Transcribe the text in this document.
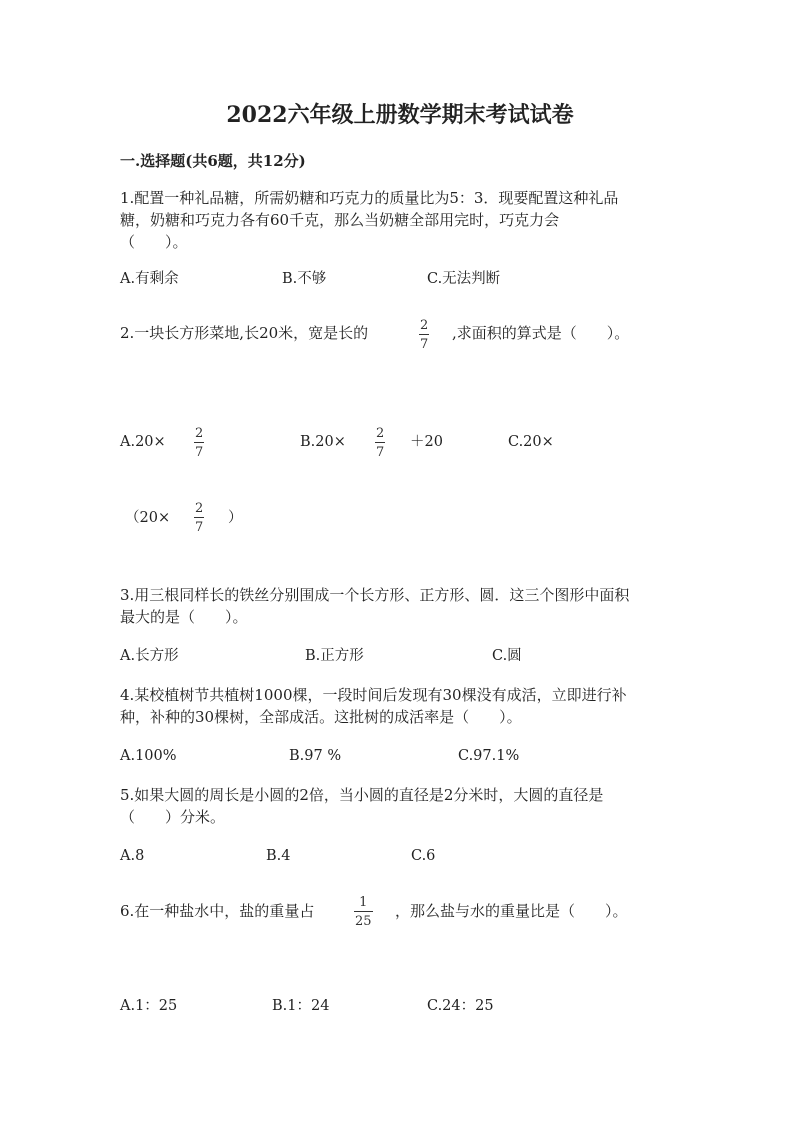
2022六年级上册数学期末考试试卷
一.选择题(共6题，共12分)
1.配置一种礼品糖，所需奶糖和巧克力的质量比为5：3．现要配置这种礼品
糖，奶糖和巧克力各有60千克，那么当奶糖全部用完时，巧克力会
（　　）。
A.有剩余	B.不够	C.无法判断
2.一块长方形菜地,长20米，宽是长的	2
7
,求面积的算式是（　　）。
A.20×
2
7
B.20×
2
7
＋20	C.20×
（20×
2
7
）
3.用三根同样长的铁丝分别围成一个长方形、正方形、圆．这三个图形中面积
最大的是（　　）。
A.长方形	B.正方形	C.圆
4.某校植树节共植树1000棵，一段时间后发现有30棵没有成活，立即进行补
种，补种的30棵树，全部成活。这批树的成活率是（　　）。
A.100%	B.97 %	C.97.1%
5.如果大圆的周长是小圆的2倍，当小圆的直径是2分米时，大圆的直径是
（　　）分米。
A.8	B.4	C.6
6.在一种盐水中，盐的重量占	1
25
，那么盐与水的重量比是（　　）。
A.1：25	B.1：24	C.24：25
